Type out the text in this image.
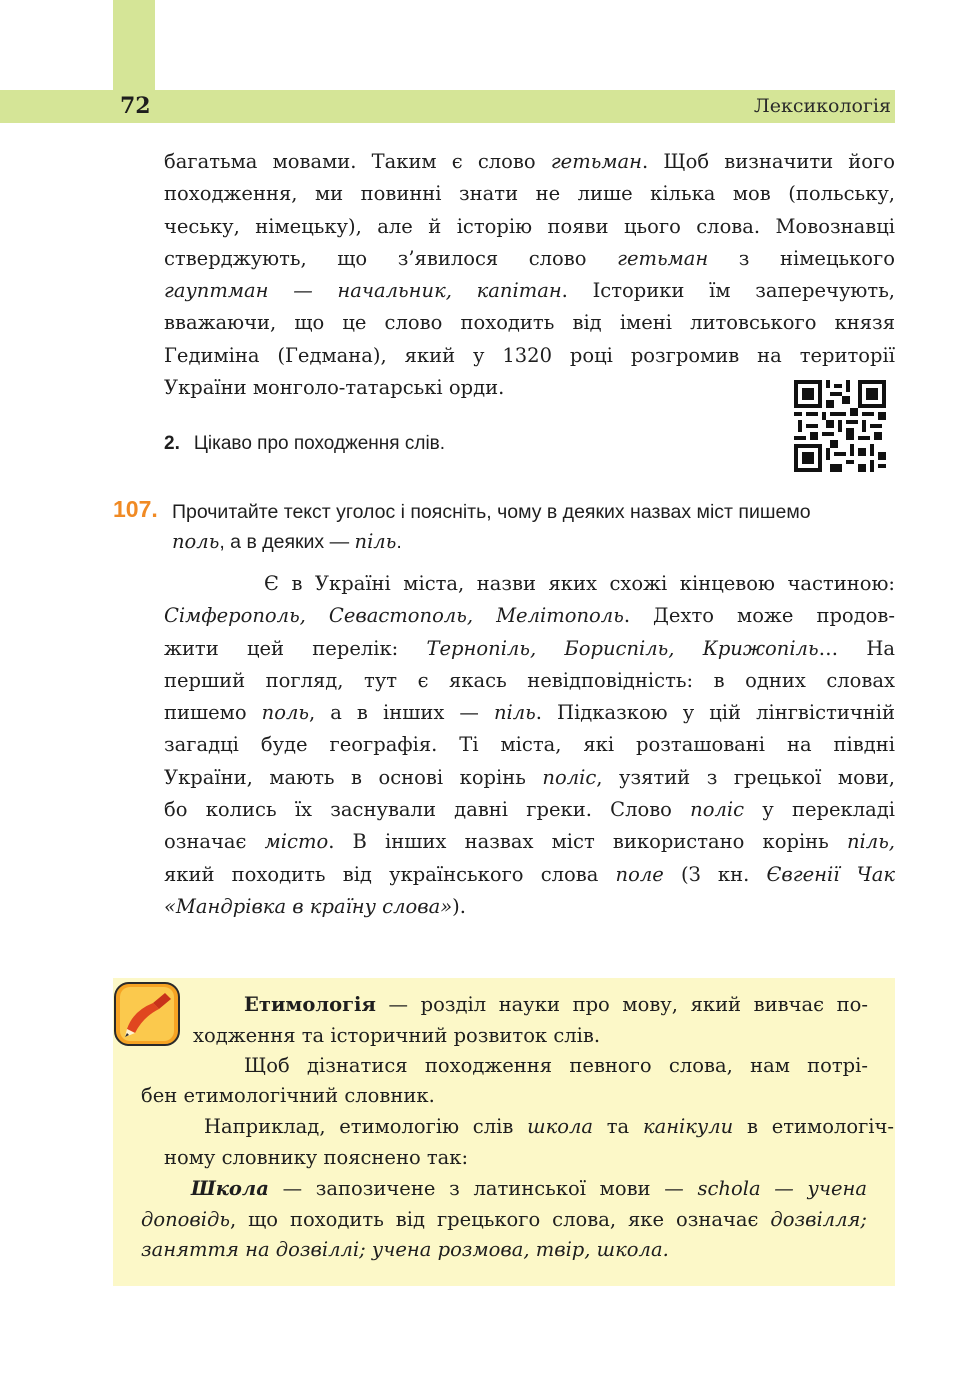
72	Лексикологія
багатьма мовами. Таким є слово гетьман. Щоб визначити його
походження, ми повинні знати не лише кілька мов (польську,
чеську, німецьку), але й історію появи цього слова. Мовознавці
стверджують, що з’явилося слово гетьман з німецького
гауптман — начальник, капітан. Історики їм заперечують,
вважаючи, що це слово походить від імені литовського князя
Гедиміна (Гедмана), який у 1320 році розгромив на території
України монголо-татарські орди.
2. Цікаво про походження слів.
107. Прочитайте текст уголос і поясніть, чому в деяких назвах міст пишемо
поль, а в деяких — піль.
Є в Україні міста, назви яких схожі кінцевою частиною:
Сімферополь, Севастополь, Мелітополь. Дехто може продов-
жити цей перелік: Тернопіль, Бориспіль, Крижопіль… На
перший погляд, тут є якась невідповідність: в одних словах
пишемо поль, а в інших — піль. Підказкою у цій лінгвістичній
загадці буде географія. Ті міста, які розташовані на півдні
України, мають в основі корінь поліс, узятий з грецької мови,
бо колись їх заснували давні греки. Слово поліс у перекладі
означає місто. В інших назвах міст використано корінь піль,
який походить від українського слова поле (З кн. Євгенії Чак
«Мандрівка в країну слова»).
Етимологія — розділ науки про мову, який вивчає по-
ходження та історичний розвиток слів.
Щоб дізнатися походження певного слова, нам потрі-
бен етимологічний словник.
Наприклад, етимологію слів школа та канікули в етимологіч-
ному словнику пояснено так:
Школа — запозичене з латинської мови — schola — учена
доповідь, що походить від грецького слова, яке означає дозвілля;
заняття на дозвіллі; учена розмова, твір, школа.
